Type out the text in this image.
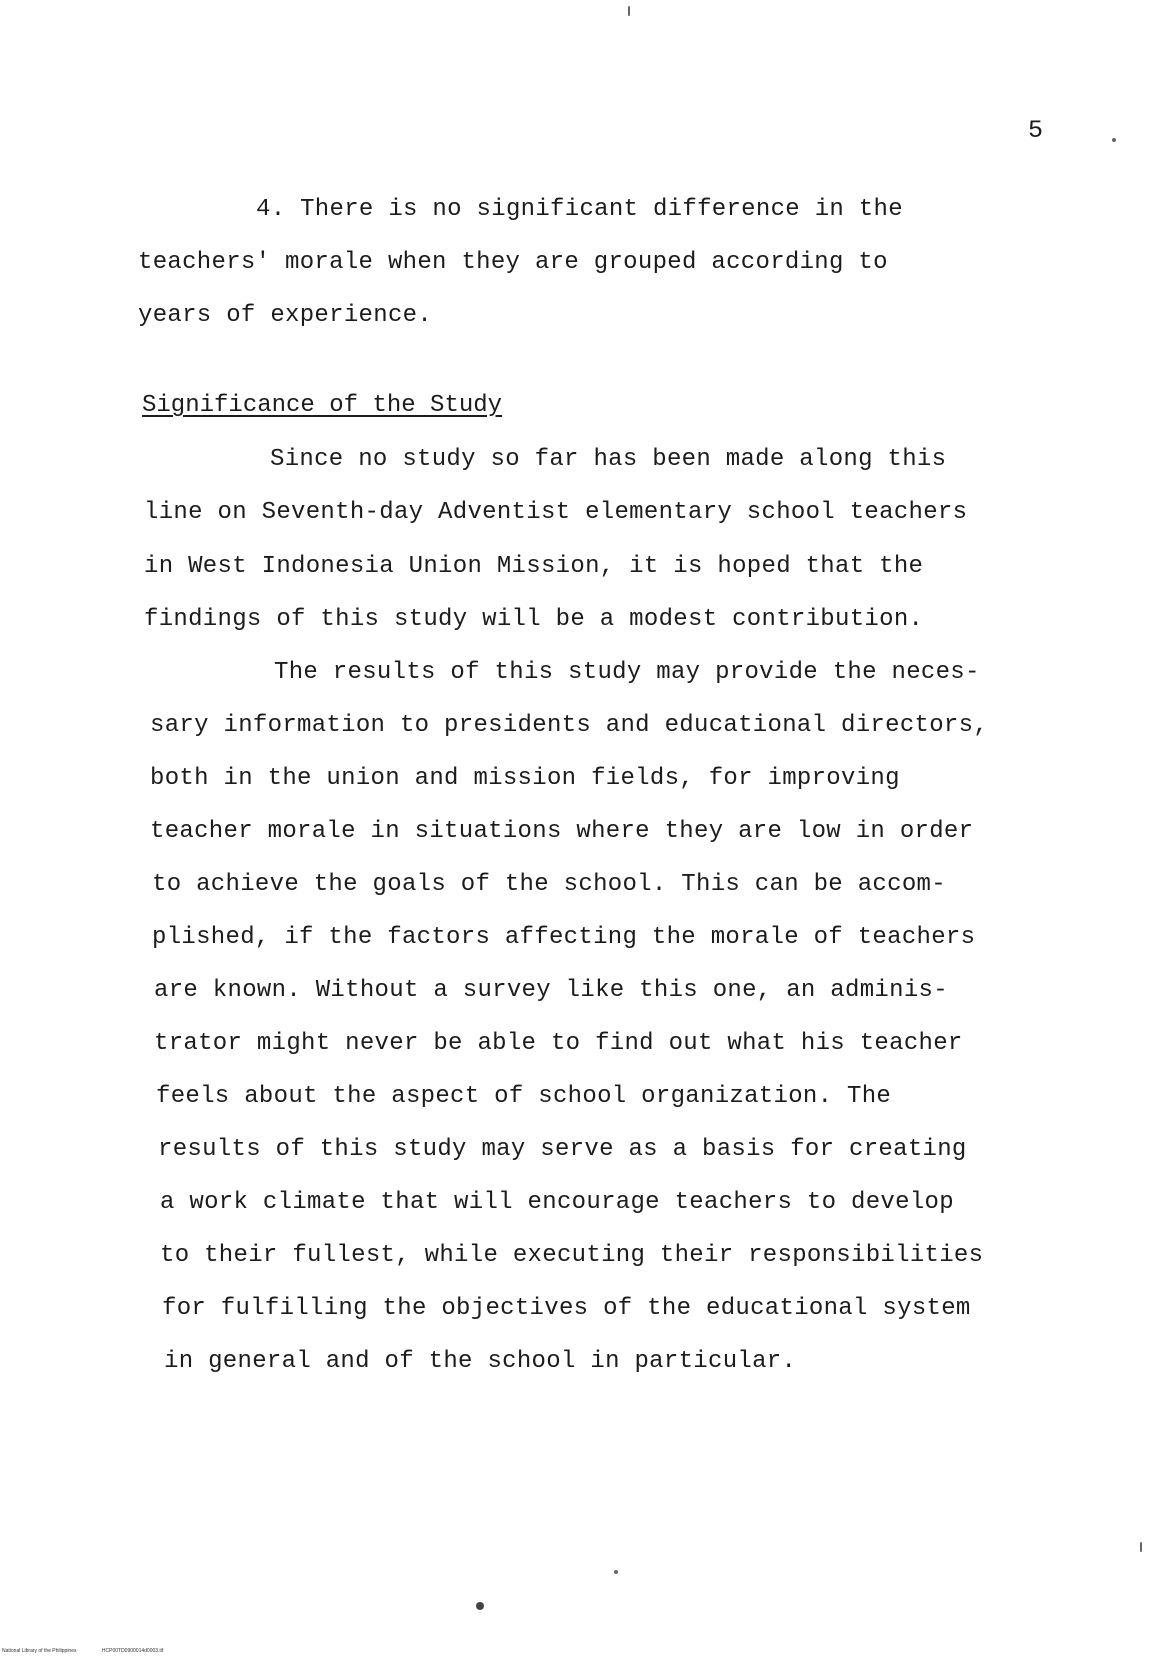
5
4. There is no significant difference in the
teachers' morale when they are grouped according to
years of experience.
Significance of the Study
Since no study so far has been made along this
line on Seventh-day Adventist elementary school teachers
in West Indonesia Union Mission, it is hoped that the
findings of this study will be a modest contribution.
The results of this study may provide the neces-
sary information to presidents and educational directors,
both in the union and mission fields, for improving
teacher morale in situations where they are low in order
to achieve the goals of the school. This can be accom-
plished, if the factors affecting the morale of teachers
are known. Without a survey like this one, an adminis-
trator might never be able to find out what his teacher
feels about the aspect of school organization. The
results of this study may serve as a basis for creating
a work climate that will encourage teachers to develop
to their fullest, while executing their responsibilities
for fulfilling the objectives of the educational system
in general and of the school in particular.
National Library of the Philippines	HCP00TD0900014d0003.tif
